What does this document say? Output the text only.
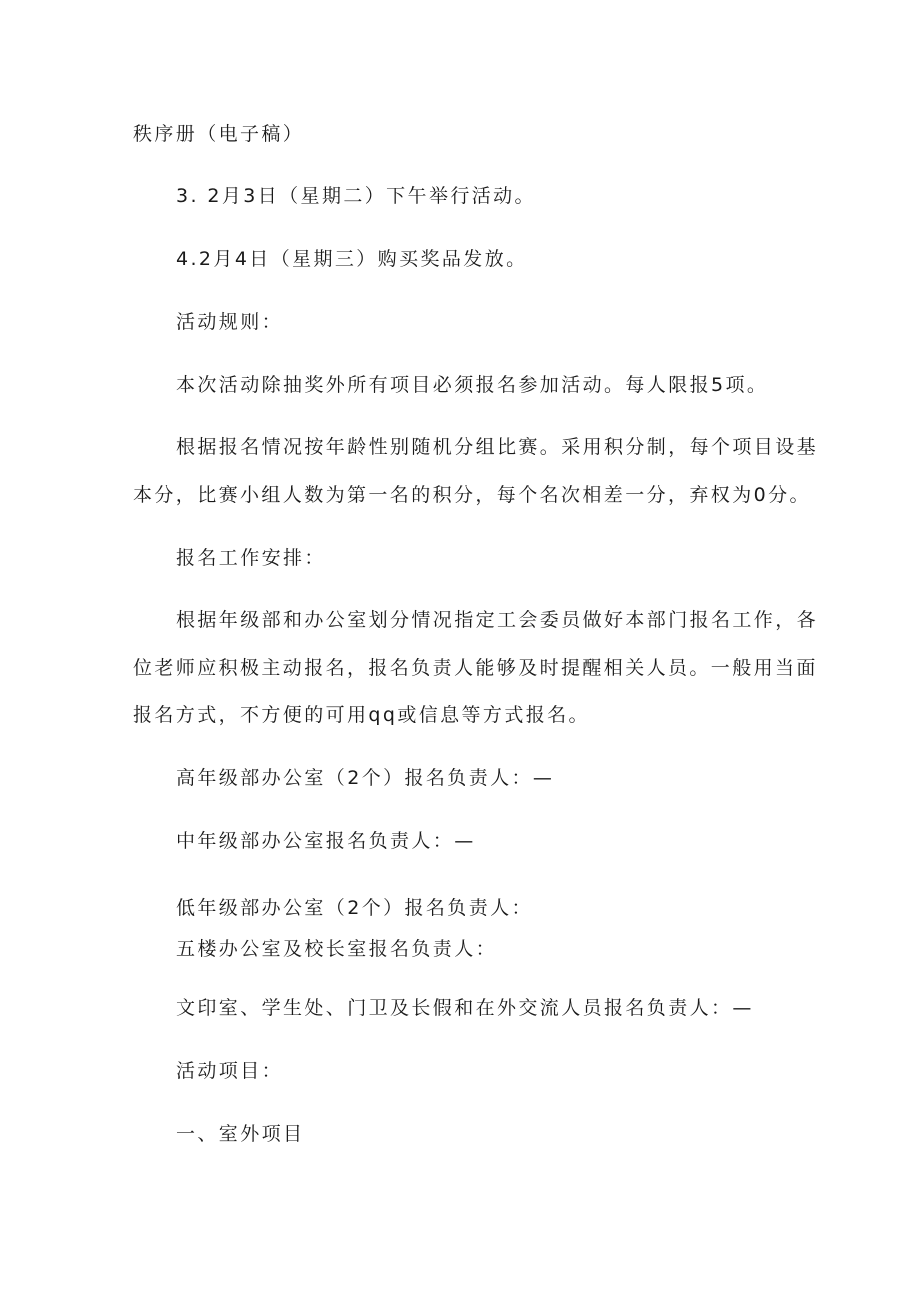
秩序册（电子稿）
3. 2月3日（星期二）下午举行活动。
4.2月4日（星期三）购买奖品发放。
活动规则：
本次活动除抽奖外所有项目必须报名参加活动。每人限报5项。
根据报名情况按年龄性别随机分组比赛。采用积分制，每个项目设基
本分，比赛小组人数为第一名的积分，每个名次相差一分，弃权为0分。
报名工作安排：
根据年级部和办公室划分情况指定工会委员做好本部门报名工作，各
位老师应积极主动报名，报名负责人能够及时提醒相关人员。一般用当面
报名方式，不方便的可用qq或信息等方式报名。
高年级部办公室（2个）报名负责人：—
中年级部办公室报名负责人：—
低年级部办公室（2个）报名负责人：
五楼办公室及校长室报名负责人：
文印室、学生处、门卫及长假和在外交流人员报名负责人：—
活动项目：
一、室外项目
